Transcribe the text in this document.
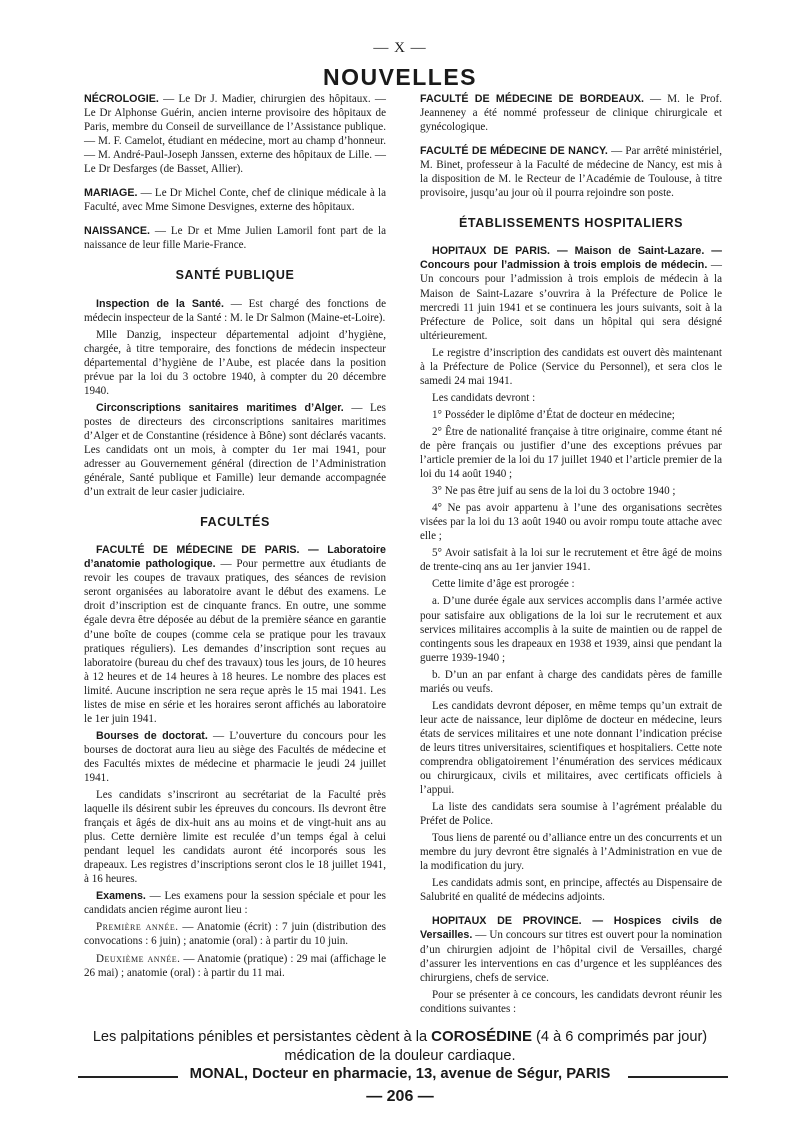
— X —
NOUVELLES

NÉCROLOGIE. — Le Dr J. Madier, chirurgien des hôpitaux. — Le Dr Alphonse Guérin, ancien interne provisoire des hôpitaux de Paris, membre du Conseil de surveillance de l’Assistance publique. — M. F. Camelot, étudiant en médecine, mort au champ d’honneur. — M. André-Paul-Joseph Janssen, externe des hôpitaux de Lille. — Le Dr Desfarges (de Basset, Allier).

MARIAGE. — Le Dr Michel Conte, chef de clinique médicale à la Faculté, avec Mme Simone Desvignes, externe des hôpitaux.

NAISSANCE. — Le Dr et Mme Julien Lamoril font part de la naissance de leur fille Marie-France.

SANTÉ PUBLIQUE

Inspection de la Santé. — Est chargé des fonctions de médecin inspecteur de la Santé : M. le Dr Salmon (Maine-et-Loire).

Mlle Danzig, inspecteur départemental adjoint d’hygiène, chargée, à titre temporaire, des fonctions de médecin inspecteur départemental d’hygiène de l’Aube, est placée dans la position prévue par la loi du 3 octobre 1940, à compter du 20 décembre 1940.

Circonscriptions sanitaires maritimes d’Alger. — Les postes de directeurs des circonscriptions sanitaires maritimes d’Alger et de Constantine (résidence à Bône) sont déclarés vacants. Les candidats ont un mois, à compter du 1er mai 1941, pour adresser au Gouvernement général (direction de l’Administration générale, Santé publique et Famille) leur demande accompagnée d’un extrait de leur casier judiciaire.

FACULTÉS

FACULTÉ DE MÉDECINE DE PARIS. — Laboratoire d’anatomie pathologique. — Pour permettre aux étudiants de revoir les coupes de travaux pratiques, des séances de revision seront organisées au laboratoire avant le début des examens. Le droit d’inscription est de cinquante francs. En outre, une somme égale devra être déposée au début de la première séance en garantie d’une boîte de coupes (comme cela se pratique pour les travaux pratiques réguliers). Les demandes d’inscription sont reçues au laboratoire (bureau du chef des travaux) tous les jours, de 10 heures à 12 heures et de 14 heures à 18 heures. Le nombre des places est limité. Aucune inscription ne sera reçue après le 15 mai 1941. Les listes de mise en série et les horaires seront affichés au laboratoire le 1er juin 1941.

Bourses de doctorat. — L’ouverture du concours pour les bourses de doctorat aura lieu au siège des Facultés de médecine et des Facultés mixtes de médecine et pharmacie le jeudi 24 juillet 1941.

Les candidats s’inscriront au secrétariat de la Faculté près laquelle ils désirent subir les épreuves du concours. Ils devront être français et âgés de dix-huit ans au moins et de vingt-huit ans au plus. Cette dernière limite est reculée d’un temps égal à celui pendant lequel les candidats auront été incorporés sous les drapeaux. Les registres d’inscriptions seront clos le 18 juillet 1941, à 16 heures.

Examens. — Les examens pour la session spéciale et pour les candidats ancien régime auront lieu :

Première année. — Anatomie (écrit) : 7 juin (distribution des convocations : 6 juin) ; anatomie (oral) : à partir du 10 juin.

Deuxième année. — Anatomie (pratique) : 29 mai (affichage le 26 mai) ; anatomie (oral) : à partir du 11 mai.

FACULTÉ DE MÉDECINE DE BORDEAUX. — M. le Prof. Jeanneney a été nommé professeur de clinique chirurgicale et gynécologique.

FACULTÉ DE MÉDECINE DE NANCY. — Par arrêté ministériel, M. Binet, professeur à la Faculté de médecine de Nancy, est mis à la disposition de M. le Recteur de l’Académie de Toulouse, à titre provisoire, jusqu’au jour où il pourra rejoindre son poste.

ÉTABLISSEMENTS HOSPITALIERS

HOPITAUX DE PARIS. — Maison de Saint-Lazare. — Concours pour l’admission à trois emplois de médecin. — Un concours pour l’admission à trois emplois de médecin à la Maison de Saint-Lazare s’ouvrira à la Préfecture de Police le mercredi 11 juin 1941 et se continuera les jours suivants, soit à la Préfecture de Police, soit dans un hôpital qui sera désigné ultérieurement.

Le registre d’inscription des candidats est ouvert dès maintenant à la Préfecture de Police (Service du Personnel), et sera clos le samedi 24 mai 1941.

Les candidats devront :

1° Posséder le diplôme d’État de docteur en médecine;

2° Être de nationalité française à titre originaire, comme étant né de père français ou justifier d’une des exceptions prévues par l’article premier de la loi du 17 juillet 1940 et l’article premier de la loi du 14 août 1940 ;

3° Ne pas être juif au sens de la loi du 3 octobre 1940 ;

4° Ne pas avoir appartenu à l’une des organisations secrètes visées par la loi du 13 août 1940 ou avoir rompu toute attache avec elle ;

5° Avoir satisfait à la loi sur le recrutement et être âgé de moins de trente-cinq ans au 1er janvier 1941.

Cette limite d’âge est prorogée :

a. D’une durée égale aux services accomplis dans l’armée active pour satisfaire aux obligations de la loi sur le recrutement et aux services militaires accomplis à la suite de maintien ou de rappel de contingents sous les drapeaux en 1938 et 1939, ainsi que pendant la guerre 1939-1940 ;

b. D’un an par enfant à charge des candidats pères de famille mariés ou veufs.

Les candidats devront déposer, en même temps qu’un extrait de leur acte de naissance, leur diplôme de docteur en médecine, leurs états de services militaires et une note donnant l’indication précise de leurs titres universitaires, scientifiques et hospitaliers. Cette note comprendra obligatoirement l’énumération des services médicaux ou chirurgicaux, civils et militaires, avec certificats officiels à l’appui.

La liste des candidats sera soumise à l’agrément préalable du Préfet de Police.

Tous liens de parenté ou d’alliance entre un des concurrents et un membre du jury devront être signalés à l’Administration en vue de la modification du jury.

Les candidats admis sont, en principe, affectés au Dispensaire de Salubrité en qualité de médecins adjoints.

HOPITAUX DE PROVINCE. — Hospices civils de Versailles. — Un concours sur titres est ouvert pour la nomination d’un chirurgien adjoint de l’hôpital civil de Versailles, chargé d’assurer les interventions en cas d’urgence et les suppléances des chirurgiens, chefs de service.

Pour se présenter à ce concours, les candidats devront réunir les conditions suivantes :

Les palpitations pénibles et persistantes cèdent à la COROSÉDINE (4 à 6 comprimés par jour)
médication de la douleur cardiaque.
MONAL, Docteur en pharmacie, 13, avenue de Ségur, PARIS
— 206 —
